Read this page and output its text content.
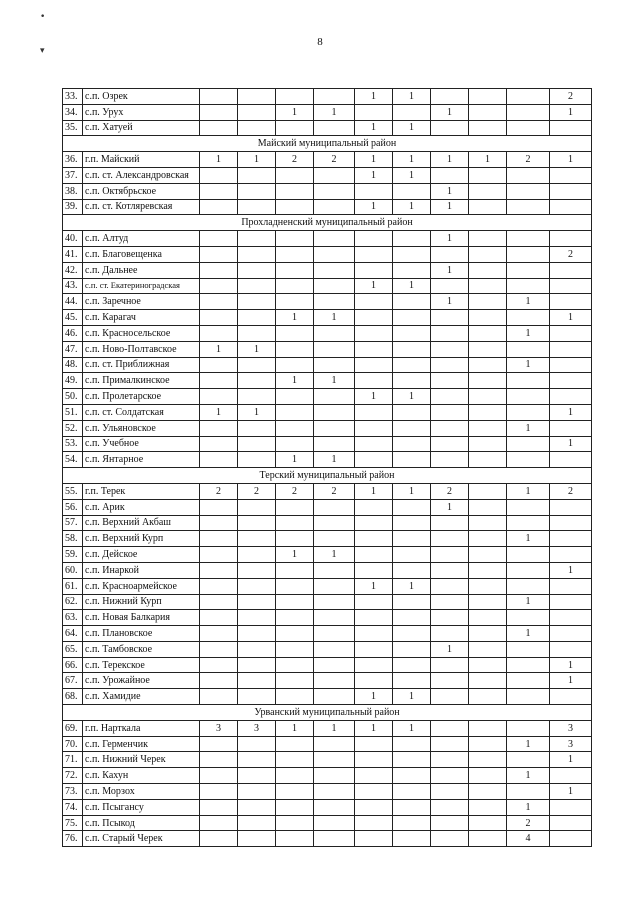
8
•
▾
33.	с.п. Озрек					1	1				2
34.	с.п. Урух			1	1			1			1
35.	с.п. Хатуей					1	1				
Майский муниципальный район											
36.	г.п. Майский	1	1	2	2	1	1	1	1	2	1
37.	с.п. ст. Александровская					1	1				
38.	с.п. Октябрьское							1			
39.	с.п. ст. Котляревская					1	1	1			
Прохладненский муниципальный район											
40.	с.п. Алтуд							1			
41.	с.п. Благовещенка										2
42.	с.п. Дальнее							1			
43.	с.п. ст. Екатериноградская					1	1				
44.	с.п. Заречное							1		1	
45.	с.п. Карагач			1	1						1
46.	с.п. Красносельское									1	
47.	с.п. Ново-Полтавское	1	1								
48.	с.п. ст. Приближная									1	
49.	с.п. Прималкинское			1	1						
50.	с.п. Пролетарское					1	1				
51.	с.п. ст. Солдатская	1	1								1
52.	с.п. Ульяновское									1	
53.	с.п. Учебное										1
54.	с.п. Янтарное			1	1						
Терский муниципальный район											
55.	г.п. Терек	2	2	2	2	1	1	2		1	2
56.	с.п. Арик							1			
57.	с.п. Верхний Акбаш										
58.	с.п. Верхний Курп									1	
59.	с.п. Дейское			1	1						
60.	с.п. Инаркой										1
61.	с.п. Красноармейское					1	1				
62.	с.п. Нижний Курп									1	
63.	с.п. Новая Балкария										
64.	с.п. Плановское									1	
65.	с.п. Тамбовское							1			
66.	с.п. Терекское										1
67.	с.п. Урожайное										1
68.	с.п. Хамидие					1	1				
Урванский муниципальный район											
69.	г.п. Нарткала	3	3	1	1	1	1				3
70.	с.п. Герменчик									1	3
71.	с.п. Нижний Черек										1
72.	с.п. Кахун									1	
73.	с.п. Морзох										1
74.	с.п. Псыгансу									1	
75.	с.п. Псыкод									2	
76.	с.п. Старый Черек									4	
